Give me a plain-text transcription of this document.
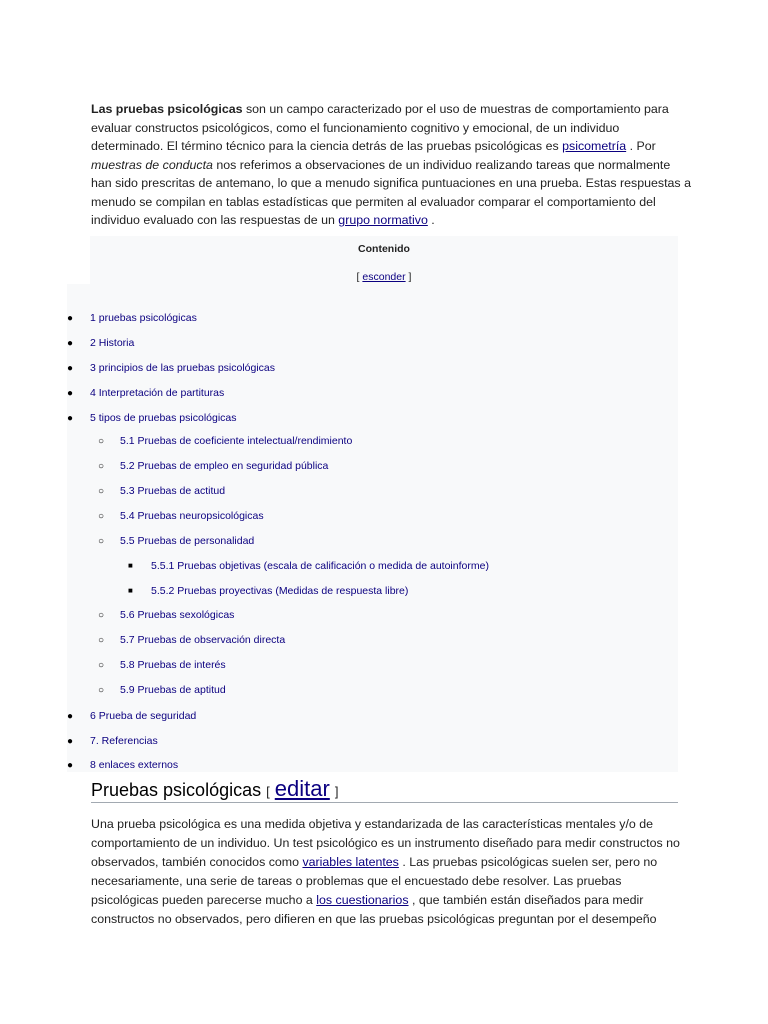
Las pruebas psicológicas son un campo caracterizado por el uso de muestras de comportamiento para evaluar constructos psicológicos, como el funcionamiento cognitivo y emocional, de un individuo determinado. El término técnico para la ciencia detrás de las pruebas psicológicas es psicometría . Por muestras de conducta nos referimos a observaciones de un individuo realizando tareas que normalmente han sido prescritas de antemano, lo que a menudo significa puntuaciones en una prueba. Estas respuestas a menudo se compilan en tablas estadísticas que permiten al evaluador comparar el comportamiento del individuo evaluado con las respuestas de un grupo normativo .

Contenido
[ esconder ]
● 1 pruebas psicológicas
● 2 Historia
● 3 principios de las pruebas psicológicas
● 4 Interpretación de partituras
● 5 tipos de pruebas psicológicas
○ 5.1 Pruebas de coeficiente intelectual/rendimiento
○ 5.2 Pruebas de empleo en seguridad pública
○ 5.3 Pruebas de actitud
○ 5.4 Pruebas neuropsicológicas
○ 5.5 Pruebas de personalidad
■ 5.5.1 Pruebas objetivas (escala de calificación o medida de autoinforme)
■ 5.5.2 Pruebas proyectivas (Medidas de respuesta libre)
○ 5.6 Pruebas sexológicas
○ 5.7 Pruebas de observación directa
○ 5.8 Pruebas de interés
○ 5.9 Pruebas de aptitud
● 6 Prueba de seguridad
● 7. Referencias
● 8 enlaces externos
Pruebas psicológicas [ editar ]

Una prueba psicológica es una medida objetiva y estandarizada de las características mentales y/o de comportamiento de un individuo. Un test psicológico es un instrumento diseñado para medir constructos no observados, también conocidos como variables latentes . Las pruebas psicológicas suelen ser, pero no necesariamente, una serie de tareas o problemas que el encuestado debe resolver. Las pruebas psicológicas pueden parecerse mucho a los cuestionarios , que también están diseñados para medir constructos no observados, pero difieren en que las pruebas psicológicas preguntan por el desempeño
